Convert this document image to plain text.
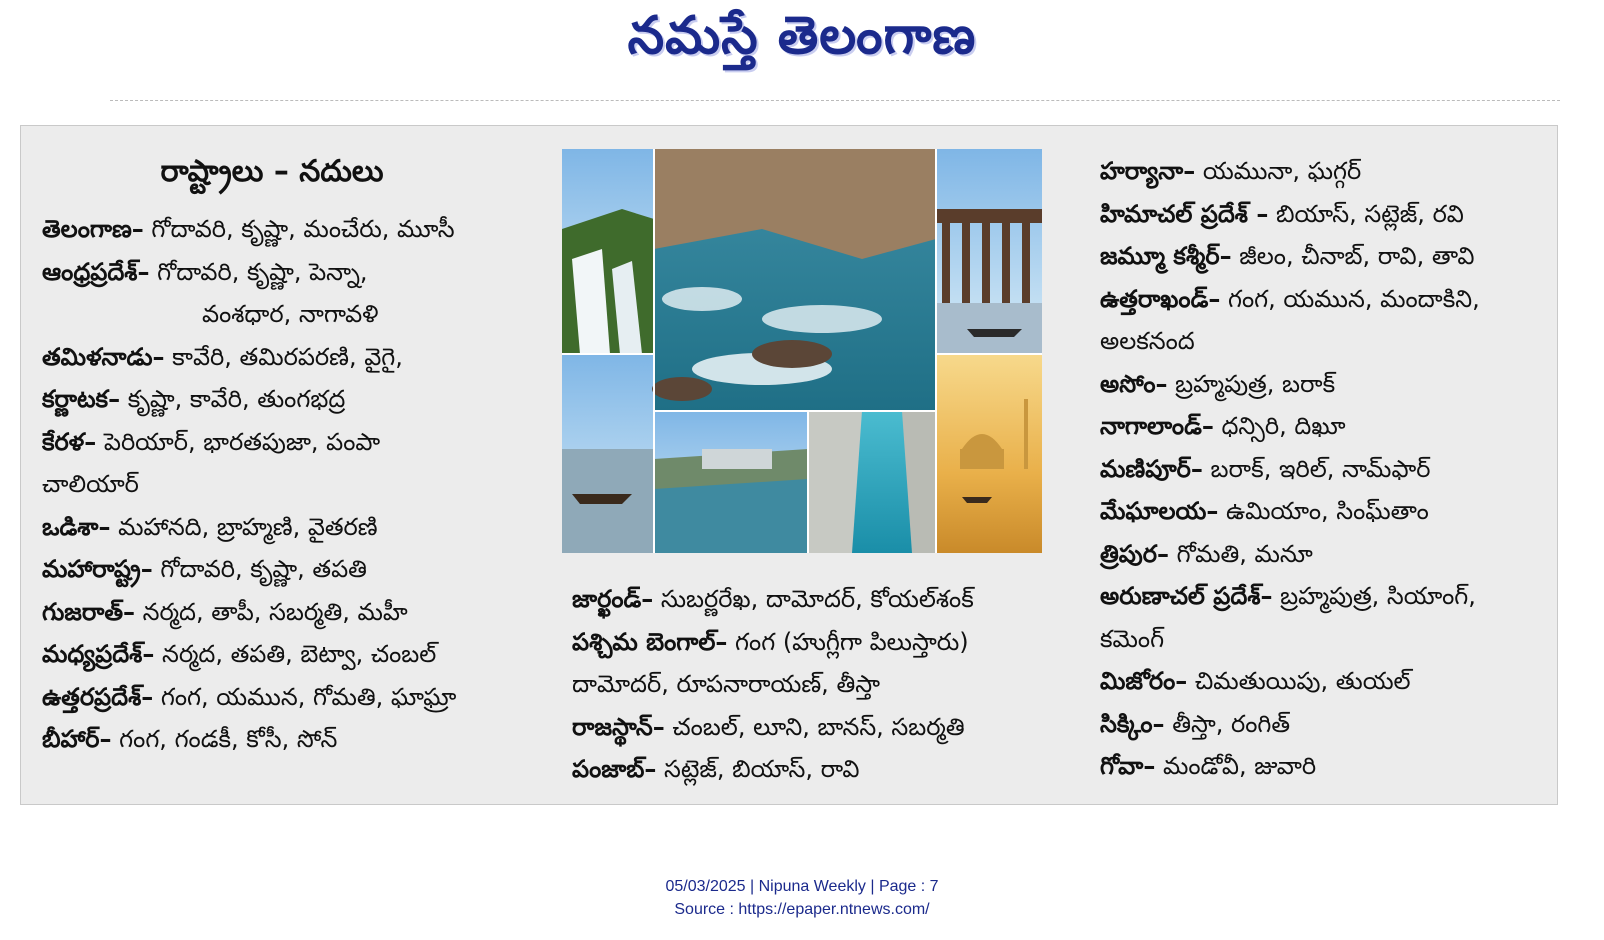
నమస్తే తెలంగాణ
రాష్ట్రాలు – నదులు
తెలంగాణ– గోదావరి, కృష్ణా, మంచేరు, మూసీ
ఆంధ్రప్రదేశ్– గోదావరి, కృష్ణా, పెన్నా,
వంశధార, నాగావళి
తమిళనాడు– కావేరి, తమిరపరణి, వైగై,
కర్ణాటక– కృష్ణా, కావేరి, తుంగభద్ర
కేరళ– పెరియార్, భారతపుజా, పంపా
చాలియార్
ఒడిశా– మహానది, బ్రాహ్మణి, వైతరణి
మహారాష్ట్ర– గోదావరి, కృష్ణా, తపతి
గుజరాత్– నర్మద, తాపీ, సబర్మతి, మహీ
మధ్యప్రదేశ్– నర్మద, తపతి, బెట్వా, చంబల్
ఉత్తరప్రదేశ్– గంగ, యమున, గోమతి, ఘాఘ్రా
బీహార్– గంగ, గండకీ, కోసీ, సోన్
జార్ఖండ్– సుబర్ణరేఖ, దామోదర్, కోయల్‌శంక్
పశ్చిమ బెంగాల్– గంగ (హుగ్లీగా పిలుస్తారు)
దామోదర్, రూపనారాయణ్, తీస్తా
రాజస్థాన్– చంబల్, లూని, బానస్, సబర్మతి
పంజాబ్– సట్లెజ్, బియాస్, రావి
హర్యానా– యమునా, ఘగ్గర్
హిమాచల్ ప్రదేశ్ – బియాస్, సట్లెజ్, రవి
జమ్మూ కశ్మీర్– జీలం, చీనాబ్, రావి, తావి
ఉత్తరాఖండ్– గంగ, యమున, మందాకిని,
అలకనంద
అసోం– బ్రహ్మపుత్ర, బరాక్
నాగాలాండ్– ధన్సిరి, దిఖూ
మణిపూర్– బరాక్, ఇరిల్, నామ్‌ఫార్
మేఘాలయ– ఉమియాం, సింఘ్‌తాం
త్రిపుర– గోమతి, మనూ
అరుణాచల్ ప్రదేశ్– బ్రహ్మపుత్ర, సియాంగ్,
కమెంగ్
మిజోరం– చిమతుయిపు, తుయల్
సిక్కిం– తీస్తా, రంగిత్
గోవా– మండోవీ, జువారి
05/03/2025 | Nipuna Weekly | Page : 7
Source : https://epaper.ntnews.com/
